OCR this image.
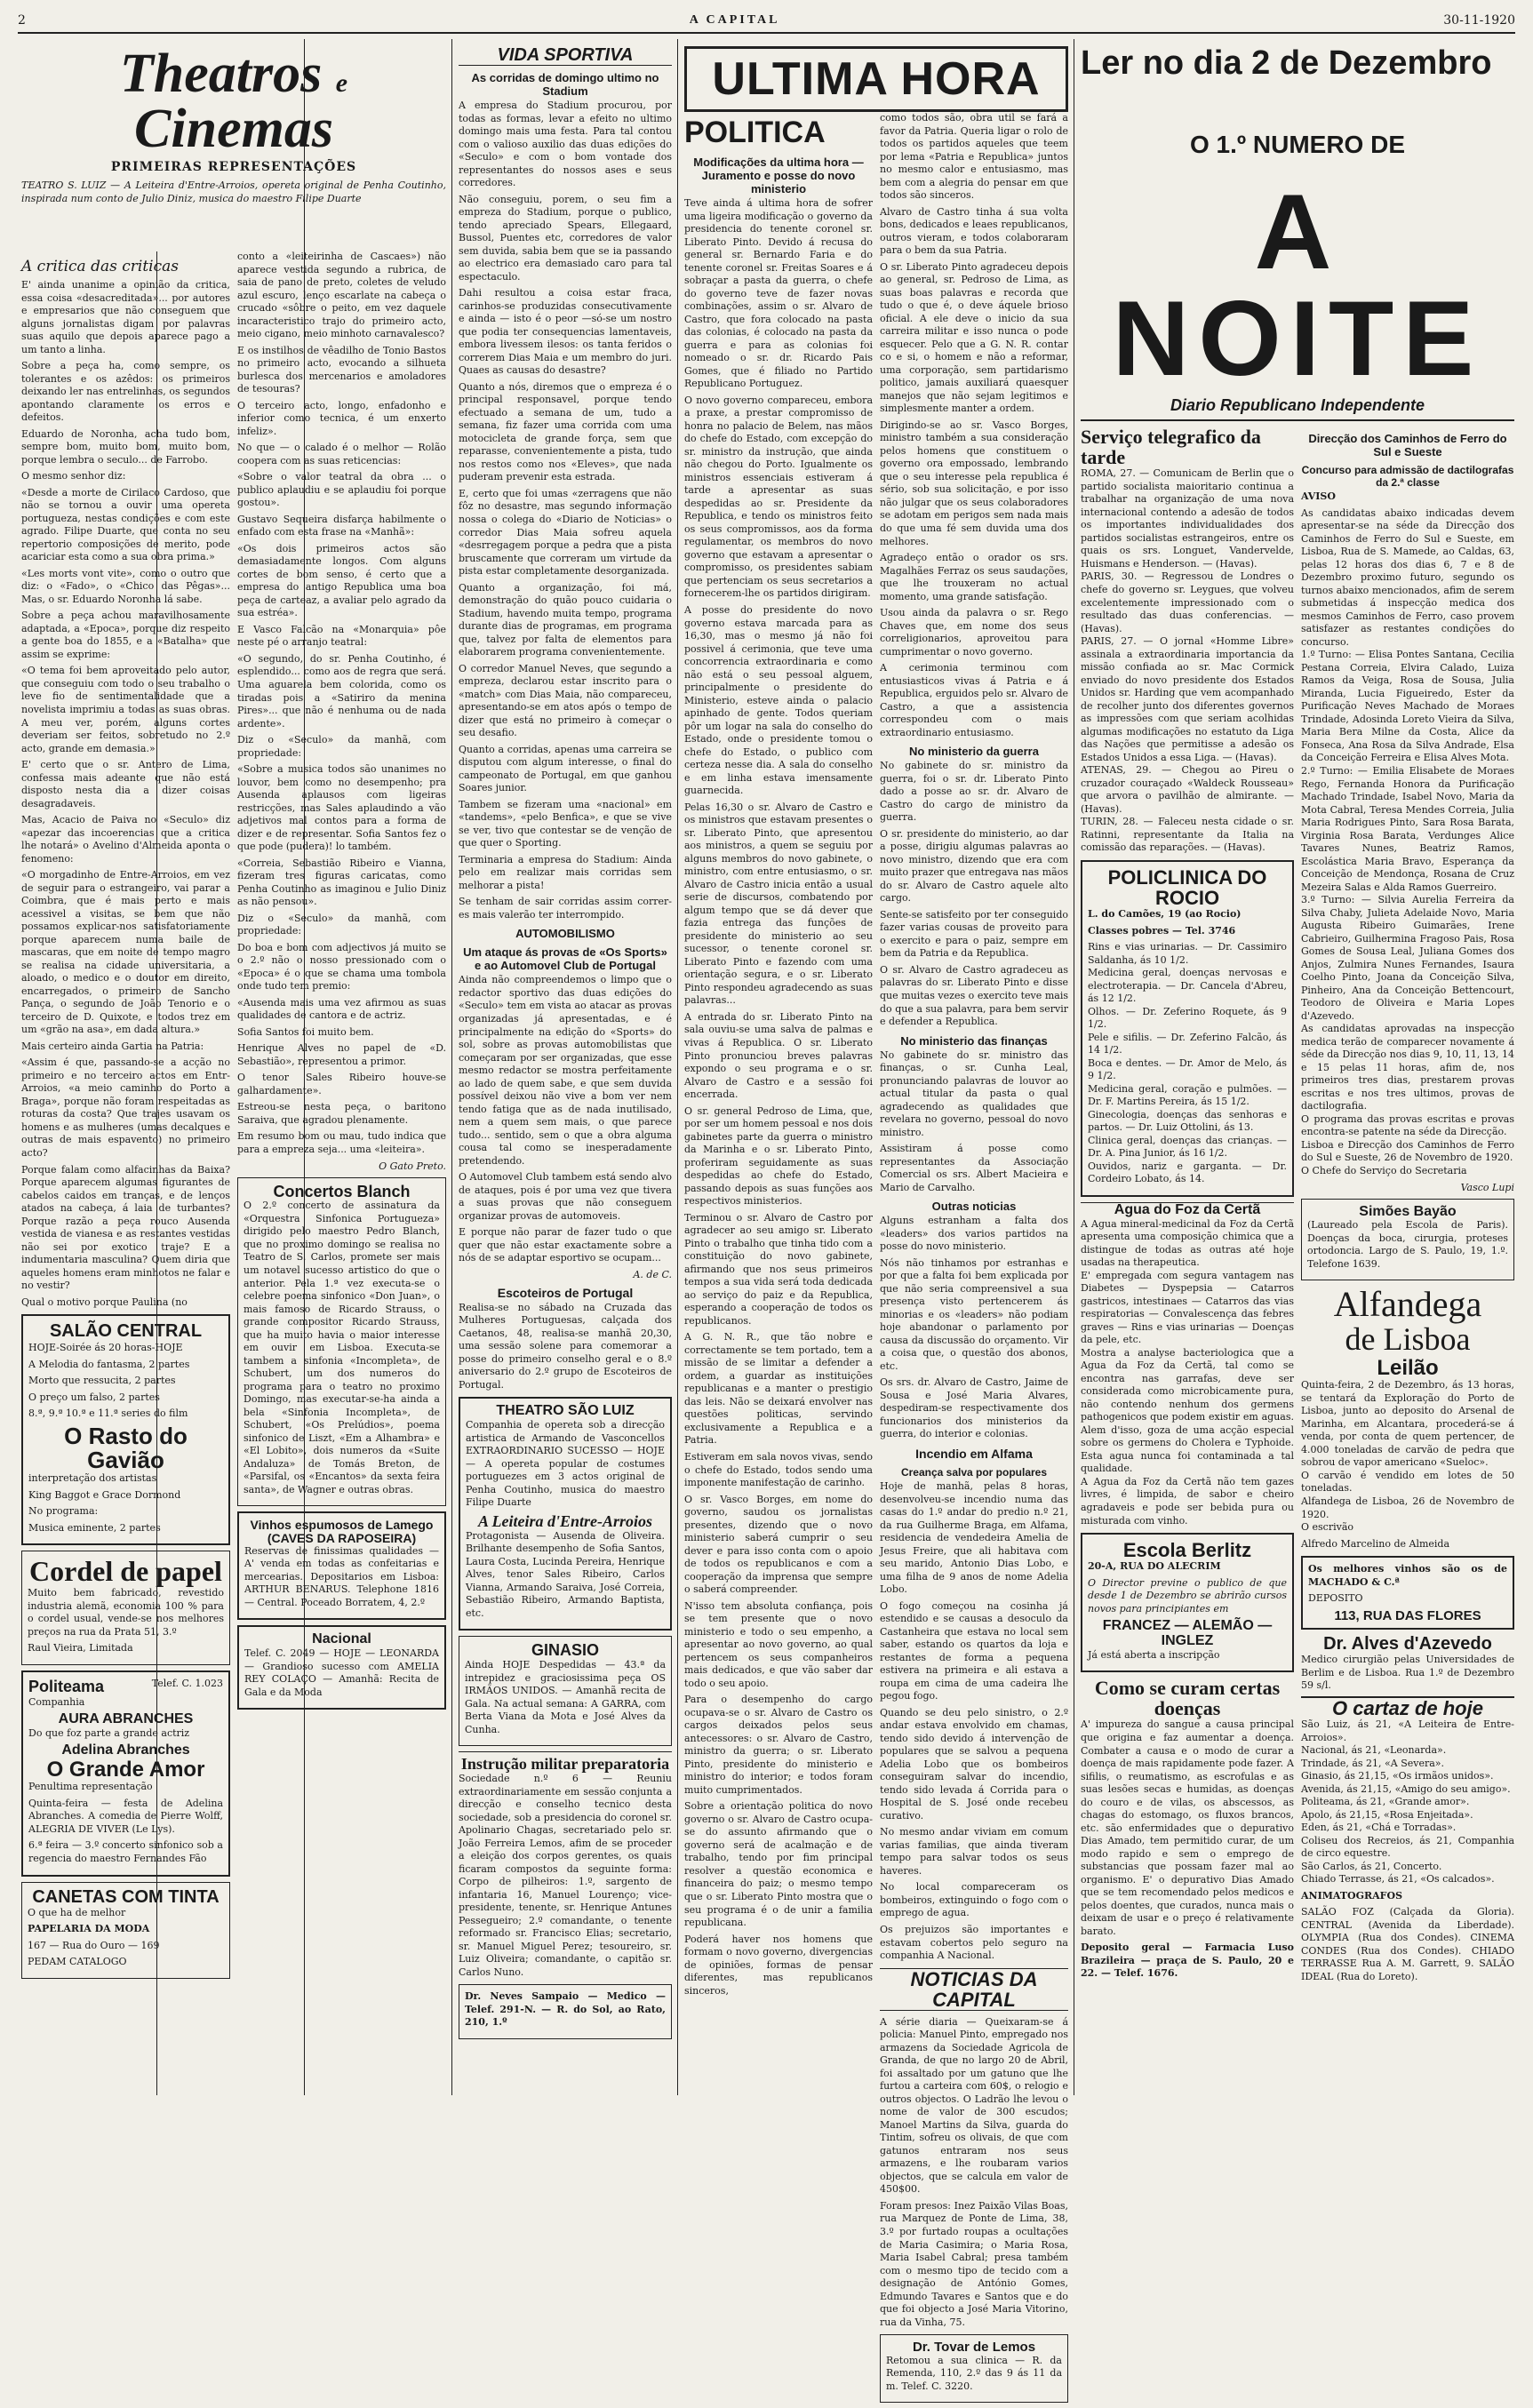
2	A CAPITAL	30-11-1920
Theatros e Cinemas
PRIMEIRAS REPRESENTAÇÕES
TEATRO S. LUIZ — A Leiteira d'Entre-Arroios, opereta original de Penha Coutinho, inspirada num conto de Julio Diniz, musica do maestro Filipe Duarte
A critica das criticas

E' ainda unanime a opinião da critica, essa coisa «desacreditada»... por autores e empresarios que não conseguem que alguns jornalistas digam por palavras suas aquilo que depois aparece pago a um tanto a linha.

Sobre a peça ha, como sempre, os tolerantes e os azêdos: os primeiros deixando ler nas entrelinhas, os segundos apontando claramente os erros e defeitos.

Eduardo de Noronha, acha tudo bom, sempre bom, muito bom, muito bom, porque lembra o seculo... de Farrobo.

O mesmo senhor diz:

«Desde a morte de Cirilaco Cardoso, que não se tornou a ouvir uma opereta portugueza, nestas condições e com este agrado. Filipe Duarte, que conta no seu repertorio composições de merito, pode acariciar esta como a sua obra prima.»

«Les morts vont vite», como o outro que diz: o «Fado», o «Chico das Pêgas»... Mas, o sr. Eduardo Noronha lá sabe.

Sobre a peça achou maravilhosamente adaptada, a «Epoca», porque diz respeito a gente boa do 1855, e a «Batalha» que assim se exprime:

«O tema foi bem aproveitado pelo autor, que conseguiu com todo o seu trabalho o leve fio de sentimentalidade que a novelista imprimiu a todas as suas obras. A meu ver, porém, alguns cortes deveriam ser feitos, sobretudo no 2.º acto, grande em demasia.»

E' certo que o sr. Antero de Lima, confessa mais adeante que não está disposto nesta dia a dizer coisas desagradaveis.

Mas, Acacio de Paiva no «Seculo» diz «apezar das incoerencias que a critica lhe notará» o Avelino d'Almeida aponta o fenomeno:

«O morgadinho de Entre-Arroios, em vez de seguir para o estrangeiro, vai parar a Coimbra, que é mais perto e mais acessivel a visitas, se bem que não possamos explicar-nos satisfatoriamente porque aparecem numa baile de mascaras, que em noite de tempo magro se realisa na cidade universitaria, a aloado, o medico e o doutor em direito, encarregados, o primeiro de Sancho Pança, o segundo de João Tenorio e o terceiro de D. Quixote, e todos trez em um «grão na asa», em dada altura.»

Mais certeiro ainda Gartia na Patria:

«Assim é que, passando-se a acção no primeiro e no terceiro actos em Entr-Arroios, «a meio caminho do Porto a Braga», porque não foram respeitadas as roturas da costa? Que trajes usavam os homens e as mulheres (umas decalques e outras de mais espavento) no primeiro acto?

Porque falam como alfacinhas da Baixa? Porque aparecem algumas figurantes de cabelos caidos em tranças, e de lenços atados na cabeça, á laia de turbantes? Porque razão a peça rouco Ausenda vestida de vianesa e as restantes vestidas não sei por exotico traje? E a indumentaria masculina? Quem diria que aqueles homens eram minhotos ne falar e no vestir?

Qual o motivo porque Paulina (no

SALÃO CENTRAL
HOJE-Soirée ás 20 horas-HOJE
A Melodia do fantasma, 2 partes
Morto que ressucita, 2 partes
O preço um falso, 2 partes
8.ª, 9.ª 10.ª e 11.ª series do film
O Rasto do Gavião
interpretação dos artistas
King Baggot e Grace Dormond
No programa:
Musica eminente, 2 partes
Cordel de papel

Muito bem fabricado, revestido industria alemã, economia 100 % para o cordel usual, vende-se nos melhores preços na rua da Prata 51, 3.º

Raul Vieira, Limitada
Politeama	Telef. C. 1.023
Companhia
AURA ABRANCHES
Do que foz parte a grande actriz
Adelina Abranches
O Grande Amor
Penultima representação
Quinta-feira — festa de Adelina Abranches. A comedia de Pierre Wolff, ALEGRIA DE VIVER (Le Lys).
6.ª feira — 3.º concerto sinfonico sob a regencia do maestro Fernandes Fão
CANETAS COM TINTA
O que ha de melhor
PAPELARIA DA MODA
167 — Rua do Ouro — 169
PEDAM CATALOGO

conto a «leiteirinha de Cascaes») não aparece vestida segundo a rubrica, de saia de pano de preto, coletes de veludo azul escuro, lenço escarlate na cabeça o crucado «sôbre o peito, em vez daquele incaracteristico trajo do primeiro acto, meio cigano, meio minhoto carnavalesco?

E os instilhos de vêadilho de Tonio Bastos no primeiro acto, evocando a silhueta burlesca dos mercenarios e amoladores de tesouras?

O terceiro acto, longo, enfadonho e inferior como tecnica, é um enxerto infeliz».

No que — o calado é o melhor — Rolão coopera com as suas reticencias:

«Sobre o valor teatral da obra ... o publico aplaudiu e se aplaudiu foi porque gostou».

Gustavo Sequeira disfarça habilmente o enfado com esta frase na «Manhã»:

«Os dois primeiros actos são demasiadamente longos. Com alguns cortes de bom senso, é certo que a empresa do antigo Republica uma boa peça de carteaz, a avaliar pelo agrado da sua estréa».

E Vasco Falcão na «Monarquia» pôe neste pé o arranjo teatral:

«O segundo, do sr. Penha Coutinho, é esplendido... como aos de regra que será. Uma aguarela bem colorida, como os tiradas pois a «Satiriro da menina Pires»... que não é nenhuma ou de nada ardente».

Diz o «Seculo» da manhã, com propriedade:

«Sobre a musica todos são unanimes no louvor, bem como no desempenho; pra Ausenda aplausos com ligeiras restricções, mas Sales aplaudindo a vão adjetivos mal contos para a forma de dizer e de representar. Sofia Santos fez o que pode (pudera)! lo também.

«Correia, Sebastião Ribeiro e Vianna, fizeram tres figuras caricatas, como Penha Coutinho as imaginou e Julio Diniz as não pensou».

Diz o «Seculo» da manhã, com propriedade:

Do boa e bom com adjectivos já muito se o 2.º não o nosso pressionado com o «Epoca» é o que se chama uma tombola onde tudo tem premio:

«Ausenda mais uma vez afirmou as suas qualidades de cantora e de actriz.

Sofia Santos foi muito bem.

Henrique Alves no papel de «D. Sebastião», representou a primor.

O tenor Sales Ribeiro houve-se galhardamente».

Estreou-se nesta peça, o baritono Saraiva, que agradou plenamente.

Em resumo bom ou mau, tudo indica que para a empreza seja... uma «leiteira».

O Gato Preto.
Concertos Blanch

O 2.º concerto de assinatura da «Orquestra Sinfonica Portugueza» dirigido pelo maestro Pedro Blanch, que no proximo domingo se realisa no Teatro de S. Carlos, promete ser mais um notavel sucesso artistico do que o anterior. Pela 1.ª vez executa-se o celebre poema sinfonico «Don Juan», o mais famoso de Ricardo Strauss, o grande compositor Ricardo Strauss, que ha muito havia o maior interesse em ouvir em Lisboa. Executa-se tambem a sinfonia «Incompleta», de Schubert, um dos numeros do programa para o teatro no proximo Domingo, mas executar-se-ha ainda a bela «Sinfonia Incompleta», de Schubert, «Os Prelúdios», poema sinfonico de Liszt, «Em a Alhambra» e «El Lobito», dois numeros da «Suite Andaluza» de Tomás Breton, de «Parsifal, os «Encantos» da sexta feira santa», de Wagner e outras obras.

Vinhos espumosos de Lamego (CAVES DA RAPOSEIRA)

Reservas de finissimas qualidades — A' venda em todas as confeitarias e mercearias. Depositarios em Lisboa: ARTHUR BENARUS. Telephone 1816 — Central. Poceado Borratem, 4, 2.º

Nacional

Telef. C. 2049 — HOJE — LEONARDA — Grandioso sucesso com AMELIA REY COLAÇO — Amanhã: Recita de Gala e da Moda

VIDA SPORTIVA
As corridas de domingo ultimo no Stadium

A empresa do Stadium procurou, por todas as formas, levar a efeito no ultimo domingo mais uma festa. Para tal contou com o valioso auxilio das duas edições do «Seculo» e com o bom vontade dos representantes do nossos ases e seus corredores.

Não conseguiu, porem, o seu fim a empreza do Stadium, porque o publico, tendo apreciado Spears, Ellegaard, Bussol, Puentes etc, corredores de valor sem duvida, sabia bem que se ia passando ao electrico era demasiado caro para tal espectaculo.

Dahi resultou a coisa estar fraca, carinhos-se produzidas consecutivamente e ainda — isto é o peor —só-se um nostro que podia ter consequencias lamentaveis, embora livessem ilesos: os tanta feridos o correrem Dias Maia e um membro do juri. Quaes as causas do desastre?

Quanto a nós, diremos que o empreza é o principal responsavel, porque tendo efectuado a semana de um, tudo a semana, fiz fazer uma corrida com uma motocicleta de grande força, sem que reparasse, convenientemente a pista, tudo nos restos como nos «Eleves», que nada puderam prevenir esta estrada.

E, certo que foi umas «zerragens que não fôz no desastre, mas segundo informação nossa o colega do «Diario de Noticias» o corredor Dias Maia sofreu aquela «desrregagem porque a pedra que a pista bruscamente que correram um virtude da pista estar completamente desorganizada.

Quanto a organização, foi má, demonstração do quão pouco cuidaria o Stadium, havendo muita tempo, programa durante dias de programas, em programa que, talvez por falta de elementos para elaborarem programa convenientemente.

O corredor Manuel Neves, que segundo a empreza, declarou estar inscrito para o «match» com Dias Maia, não compareceu, apresentando-se em atos após o tempo de dizer que está no primeiro à começar o seu desafio.

Quanto a corridas, apenas uma carreira se disputou com algum interesse, o final do campeonato de Portugal, em que ganhou Soares junior.

Tambem se fizeram uma «nacional» em «tandems», «pelo Benfica», e que se vive se ver, tivo que contestar se de venção de que quer o Sporting.

Terminaria a empresa do Stadium: Ainda pelo em realizar mais corridas sem melhorar a pista!

Se tenham de sair corridas assim correr-es mais valerão ter interrompido.

AUTOMOBILISMO
Um ataque ás provas de «Os Sports» e ao Automovel Club de Portugal

Ainda não compreendemos o limpo que o redactor sportivo das duas edições do «Seculo» tem em vista ao atacar as provas organizadas já apresentadas, e é principalmente na edição do «Sports» do sol, sobre as provas automobilistas que começaram por ser organizadas, que esse mesmo redactor se mostra perfeitamente ao lado de quem sabe, e que sem duvida possível deixou não vive a bom ver nem tendo fatiga que as de nada inutilisado, nem a quem sem mais, o que parece tudo... sentido, sem o que a obra alguma cousa tal como se inesperadamente pretendendo.

O Automovel Club tambem está sendo alvo de ataques, pois é por uma vez que tivera a suas provas que não conseguem organizar provas de automoveis.

E porque não parar de fazer tudo o que quer que não estar exactamente sobre a nós de se adaptar esportivo se ocupam...

A. de C.
Escoteiros de Portugal

Realisa-se no sábado na Cruzada das Mulheres Portuguesas, calçada dos Caetanos, 48, realisa-se manhã 20,30, uma sessão solene para comemorar a posse do primeiro conselho geral e o 8.º aniversario do 2.º grupo de Escoteiros de Portugal.

THEATRO SÃO LUIZ

Companhia de opereta sob a direcção artistica de Armando de Vasconcellos EXTRAORDINARIO SUCESSO — HOJE — A opereta popular de costumes portuguezes em 3 actos original de Penha Coutinho, musica do maestro Filipe Duarte

A Leiteira d'Entre-Arroios

Protagonista — Ausenda de Oliveira. Brilhante desempenho de Sofia Santos, Laura Costa, Lucinda Pereira, Henrique Alves, tenor Sales Ribeiro, Carlos Vianna, Armando Saraiva, José Correia, Sebastião Ribeiro, Armando Baptista, etc.

GINASIO

Ainda HOJE Despedidas — 43.ª da intrepidez e graciosissima peça OS IRMÃOS UNIDOS. — Amanhã recita de Gala. Na actual semana: A GARRA, com Berta Viana da Mota e José Alves da Cunha.

Instrução militar preparatoria

Sociedade n.º 6 — Reuniu extraordinariamente em sessão conjunta a direcção e conselho tecnico desta sociedade, sob a presidencia do coronel sr. Apolinario Chagas, secretariado pelo sr. João Ferreira Lemos, afim de se proceder a eleição dos corpos gerentes, os quais ficaram compostos da seguinte forma: Corpo de pilheiros: 1.º, sargento de infantaria 16, Manuel Lourenço; vice-presidente, tenente, sr. Henrique Antunes Pessegueiro; 2.º comandante, o tenente reformado sr. Francisco Elias; secretario, sr. Manuel Miguel Perez; tesoureiro, sr. Luiz Oliveira; comandante, o capitão sr. Carlos Nuno.

Dr. Neves Sampaio — Medico — Telef. 291-N. — R. do Sol, ao Rato, 210, 1.º
ULTIMA HORA
POLITICA
Modificações da ultima hora — Juramento e posse do novo ministerio

Teve ainda á ultima hora de sofrer uma ligeira modificação o governo da presidencia do tenente coronel sr. Liberato Pinto. Devido á recusa do general sr. Bernardo Faria e do tenente coronel sr. Freitas Soares e á sobraçar a pasta da guerra, o chefe do governo teve de fazer novas combinações, assim o sr. Alvaro de Castro, que fora colocado na pasta das colonias, é colocado na pasta da guerra e para as colonias foi nomeado o sr. dr. Ricardo Pais Gomes, que é filiado no Partido Republicano Portuguez.

O novo governo compareceu, embora a praxe, a prestar compromisso de honra no palacio de Belem, nas mãos do chefe do Estado, com excepção do sr. ministro da instrução, que ainda não chegou do Porto. Igualmente os ministros essenciais estiveram á tarde a apresentar as suas despedidas ao sr. Presidente da Republica, e tendo os ministros feito os seus compromissos, aos da forma regulamentar, os membros do novo governo que estavam a apresentar o compromisso, os presidentes sabiam que pertenciam os seus secretarios a fornecerem-lhe os partidos dirigiram.

A posse do presidente do novo governo estava marcada para as 16,30, mas o mesmo já não foi possivel á cerimonia, que teve uma concorrencia extraordinaria e como não está o seu pessoal alguem, principalmente o presidente do Ministerio, esteve ainda o palacio apinhado de gente. Todos queriam pôr um logar na sala do conselho do Estado, onde o presidente tomou o chefe do Estado, o publico com certeza nesse dia. A sala do conselho e em linha estava imensamente guarnecida.

Pelas 16,30 o sr. Alvaro de Castro e os ministros que estavam presentes o sr. Liberato Pinto, que apresentou aos ministros, a quem se seguiu por alguns membros do novo gabinete, o ministro, com entre entusiasmo, o sr. Alvaro de Castro inicia então a usual serie de discursos, combatendo por algum tempo que se dá dever que fazia entrega das funções de presidente do ministerio ao seu sucessor, o tenente coronel sr. Liberato Pinto e fazendo com uma orientação segura, e o sr. Liberato Pinto respondeu agradecendo as suas palavras...

A entrada do sr. Liberato Pinto na sala ouviu-se uma salva de palmas e vivas á Republica. O sr. Liberato Pinto pronunciou breves palavras expondo o seu programa e o sr. Alvaro de Castro e a sessão foi encerrada.

O sr. general Pedroso de Lima, que, por ser um homem pessoal e nos dois gabinetes parte da guerra o ministro da Marinha e o sr. Liberato Pinto, proferiram seguidamente as suas despedidas ao chefe do Estado, passando depois as suas funções aos respectivos ministerios.

Terminou o sr. Alvaro de Castro por agradecer ao seu amigo sr. Liberato Pinto o trabalho que tinha tido com a constituição do novo gabinete, afirmando que nos seus primeiros tempos a sua vida será toda dedicada ao serviço do paiz e da Republica, esperando a cooperação de todos os republicanos.

A G. N. R., que tão nobre e correctamente se tem portado, tem a missão de se limitar a defender a ordem, a guardar as instituições republicanas e a manter o prestigio das leis. Não se deixará envolver nas questões politicas, servindo exclusivamente a Republica e a Patria.

Estiveram em sala novos vivas, sendo o chefe do Estado, todos sendo uma imponente manifestação de carinho.

O sr. Vasco Borges, em nome do governo, saudou os jornalistas presentes, dizendo que o novo ministerio saberá cumprir o seu dever e para isso conta com o apoio de todos os republicanos e com a cooperação da imprensa que sempre o saberá compreender.

N'isso tem absoluta confiança, pois se tem presente que o novo ministerio e todo o seu empenho, a apresentar ao novo governo, ao qual pertencem os seus companheiros mais dedicados, e que vão saber dar todo o seu apoio.

Para o desempenho do cargo ocupava-se o sr. Alvaro de Castro os cargos deixados pelos seus antecessores: o sr. Alvaro de Castro, ministro da guerra; o sr. Liberato Pinto, presidente do ministerio e ministro do interior; e todos foram muito cumprimentados.

Sobre a orientação politica do novo governo o sr. Alvaro de Castro ocupa-se do assunto afirmando que o governo será de acalmação e de trabalho, tendo por fim principal resolver a questão economica e financeira do paiz; o mesmo tempo que o sr. Liberato Pinto mostra que o seu programa é o de unir a familia republicana.

Poderá haver nos homens que formam o novo governo, divergencias de opiniões, formas de pensar diferentes, mas republicanos sinceros,

como todos são, obra util se fará a favor da Patria. Queria ligar o rolo de todos os partidos aqueles que teem por lema «Patria e Republica» juntos no mesmo calor e entusiasmo, mas bem com a alegria do pensar em que todos são sinceros.

Alvaro de Castro tinha á sua volta bons, dedicados e leaes republicanos, outros vieram, e todos colaboraram para o bem da sua Patria.

O sr. Liberato Pinto agradeceu depois ao general, sr. Pedroso de Lima, as suas boas palavras e recorda que tudo o que é, o deve áquele brioso oficial. A ele deve o inicio da sua carreira militar e isso nunca o pode esquecer. Pelo que a G. N. R. contar co e si, o homem e não a reformar, uma corporação, sem partidarismo politico, jamais auxiliará quaesquer manejos que não sejam legitimos e simplesmente manter a ordem.

Dirigindo-se ao sr. Vasco Borges, ministro também a sua consideração pelos homens que constituem o governo ora empossado, lembrando que o seu interesse pela republica é sério, sob sua solicitação, e por isso não julgar que os seus colaboradores se adotam em perigos sem nada mais do que uma fé sem duvida uma dos melhores.

Agradeço então o orador os srs. Magalhães Ferraz os seus saudações, que lhe trouxeram no actual momento, uma grande satisfação.

Usou ainda da palavra o sr. Rego Chaves que, em nome dos seus correligionarios, aproveitou para cumprimentar o novo governo.

A cerimonia terminou com entusiasticos vivas á Patria e á Republica, erguidos pelo sr. Alvaro de Castro, a que a assistencia correspondeu com o mais extraordinario entusiasmo.

No ministerio da guerra

No gabinete do sr. ministro da guerra, foi o sr. dr. Liberato Pinto dado a posse ao sr. dr. Alvaro de Castro do cargo de ministro da guerra.

O sr. presidente do ministerio, ao dar a posse, dirigiu algumas palavras ao novo ministro, dizendo que era com muito prazer que entregava nas mãos do sr. Alvaro de Castro aquele alto cargo.

Sente-se satisfeito por ter conseguido fazer varias cousas de proveito para o exercito e para o paiz, sempre em bem da Patria e da Republica.

O sr. Alvaro de Castro agradeceu as palavras do sr. Liberato Pinto e disse que muitas vezes o exercito teve mais do que a sua palavra, para bem servir e defender a Republica.

No ministerio das finanças

No gabinete do sr. ministro das finanças, o sr. Cunha Leal, pronunciando palavras de louvor ao actual titular da pasta o qual agradecendo as qualidades que revelara no governo, pessoal do novo ministro.

Assistiram á posse como representantes da Associação Comercial os srs. Albert Macieira e Mario de Carvalho.

Outras noticias

Alguns estranham a falta dos «leaders» dos varios partidos na posse do novo ministerio.

Nós não tinhamos por estranhas e por que a falta foi bem explicada por que não seria compreensivel a sua presença visto pertencerem ás minorias e os «leaders» não podiam hoje abandonar o parlamento por causa da discussão do orçamento. Vir a coisa que, o questão dos abonos, etc.

Os srs. dr. Alvaro de Castro, Jaime de Sousa e José Maria Alvares, despediram-se respectivamente dos funcionarios dos ministerios da guerra, do interior e colonias.

Incendio em Alfama
Creança salva por populares

Hoje de manhã, pelas 8 horas, desenvolveu-se incendio numa das casas do 1.º andar do predio n.º 21, da rua Guilherme Braga, em Alfama, residencia de vendedeira Amelia de Jesus Freire, que ali habitava com seu marido, Antonio Dias Lobo, e uma filha de 9 anos de nome Adelia Lobo.

O fogo começou na cosinha já estendido e se causas a desoculo da Castanheira que estava no local sem saber, estando os quartos da loja e restantes de forma a pequena estivera na primeira e ali estava a roupa em cima de uma cadeira lhe pegou fogo.

Quando se deu pelo sinistro, o 2.º andar estava envolvido em chamas, tendo sido devido á intervenção de populares que se salvou a pequena Adelia Lobo que os bombeiros conseguiram salvar do incendio, tendo sido levada á Corrida para o Hospital de S. José onde recebeu curativo.

No mesmo andar viviam em comum varias familias, que ainda tiveram tempo para salvar todos os seus haveres.

No local compareceram os bombeiros, extinguindo o fogo com o emprego de agua.

Os prejuizos são importantes e estavam cobertos pelo seguro na companhia A Nacional.

NOTICIAS DA CAPITAL

A série diaria — Queixaram-se á policia: Manuel Pinto, empregado nos armazens da Sociedade Agricola de Granda, de que no largo 20 de Abril, foi assaltado por um gatuno que lhe furtou a carteira com 60$, o relogio e outros objectos. O Ladrão lhe levou o nome de valor de 300 escudos; Manoel Martins da Silva, guarda do Tintim, sofreu os olivais, de que com gatunos entraram nos seus armazens, e lhe roubaram varios objectos, que se calcula em valor de 450$00.

Foram presos: Inez Paixão Vilas Boas, rua Marquez de Ponte de Lima, 38, 3.º por furtado roupas a ocultações de Maria Casimira; o Maria Rosa, Maria Isabel Cabral; presa também com o mesmo tipo de tecido com a designação de António Gomes, Edmundo Tavares e Santos que e do que foi objecto a José Maria Vitorino, rua da Vinha, 75.

Dr. Tovar de Lemos

Retomou a sua clinica — R. da Remenda, 110, 2.º das 9 ás 11 da m. Telef. C. 3220.

Ler no dia 2 de Dezembro
O 1.º NUMERO DE
A NOITE
Diario Republicano Independente
Serviço telegrafico da tarde

ROMA, 27. — Comunicam de Berlin que o partido socialista maioritario continua a trabalhar na organização de uma nova internacional contendo a adesão de todos os importantes individualidades dos partidos socialistas estrangeiros, entre os quais os srs. Longuet, Vandervelde, Huismans e Henderson. — (Havas).
PARIS, 30. — Regressou de Londres o chefe do governo sr. Leygues, que volveu excelentemente impressionado com o resultado das duas conferencias. — (Havas).
PARIS, 27. — O jornal «Homme Libre» assinala a extraordinaria importancia da missão confiada ao sr. Mac Cormick enviado do novo presidente dos Estados Unidos sr. Harding que vem acompanhado de recolher junto dos diferentes governos as impressões com que seriam acolhidas algumas modificações no estatuto da Liga das Nações que permitisse a adesão os Estados Unidos a essa Liga. — (Havas).
ATENAS, 29. — Chegou ao Pireu o cruzador couraçado «Waldeck Rousseau» que arvora o pavilhão de almirante. — (Havas).
TURIN, 28. — Faleceu nesta cidade o sr. Ratinni, representante da Italia na comissão das reparações. — (Havas).

POLICLINICA DO ROCIO
L. do Camões, 19 (ao Rocio)
Classes pobres — Tel. 3746

Rins e vias urinarias. — Dr. Cassimiro Saldanha, ás 10 1/2.
Medicina geral, doenças nervosas e electroterapia. — Dr. Cancela d'Abreu, ás 12 1/2.
Olhos. — Dr. Zeferino Roquete, ás 9 1/2.
Pele e sifilis. — Dr. Zeferino Falcão, ás 14 1/2.
Boca e dentes. — Dr. Amor de Melo, ás 9 1/2.
Medicina geral, coração e pulmões. — Dr. F. Martins Pereira, ás 15 1/2.
Ginecologia, doenças das senhoras e partos. — Dr. Luiz Ottolini, ás 13.
Clinica geral, doenças das crianças. — Dr. A. Pina Junior, ás 16 1/2.
Ouvidos, nariz e garganta. — Dr. Cordeiro Lobato, ás 14.

Agua do Foz da Certã

A Agua mineral-medicinal da Foz da Certã apresenta uma composição chimica que a distingue de todas as outras até hoje usadas na therapeutica.
E' empregada com segura vantagem nas Diabetes — Dyspepsia — Catarros gastricos, intestinaes — Catarros das vias respiratorias — Convalescença das febres graves — Rins e vias urinarias — Doenças da pele, etc.
Mostra a analyse bacteriologica que a Agua da Foz da Certã, tal como se encontra nas garrafas, deve ser considerada como microbicamente pura, não contendo nenhum dos germens pathogenicos que podem existir em aguas. Alem d'isso, goza de uma acção especial sobre os germens do Cholera e Typhoide. Esta agua nunca foi contaminada a tal qualidade.
A Agua da Foz da Certã não tem gazes livres, é limpida, de sabor e cheiro agradaveis e pode ser bebida pura ou misturada com vinho.

Escola Berlitz
20-A, RUA DO ALECRIM

O Director previne o publico de que desde 1 de Dezembro se abrirão cursos novos para principiantes em

FRANCEZ — ALEMÃO — INGLEZ
Já está aberta a inscripção
Como se curam certas doenças

A' impureza do sangue a causa principal que origina e faz aumentar a doença. Combater a causa e o modo de curar a doença de mais rapidamente pode fazer. A sifilis, o reumatismo, as escrofulas e as suas lesões secas e humidas, as doenças do couro e de vilas, os abscessos, as chagas do estomago, os fluxos brancos, etc. são enfermidades que o depurativo Dias Amado, tem permitido curar, de um modo rapido e sem o emprego de substancias que possam fazer mal ao organismo. E' o depurativo Dias Amado que se tem recomendado pelos medicos e pelos doentes, que curados, nunca mais o deixam de usar e o preço é relativamente barato.

Deposito geral — Farmacia Luso Brazileira — praça de S. Paulo, 20 e 22. — Telef. 1676.

Direcção dos Caminhos de Ferro do Sul e Sueste
Concurso para admissão de dactilografas da 2.ª classe
AVISO

As candidatas abaixo indicadas devem apresentar-se na séde da Direcção dos Caminhos de Ferro do Sul e Sueste, em Lisboa, Rua de S. Mamede, ao Caldas, 63, pelas 12 horas dos dias 6, 7 e 8 de Dezembro proximo futuro, segundo os turnos abaixo mencionados, afim de serem submetidas á inspecção medica dos mesmos Caminhos de Ferro, caso provem satisfazer as restantes condições do concurso.
1.º Turno: — Elisa Pontes Santana, Cecilia Pestana Correia, Elvira Calado, Luiza Ramos da Veiga, Rosa de Sousa, Julia Miranda, Lucia Figueiredo, Ester da Purificação Neves Machado de Moraes Trindade, Adosinda Loreto Vieira da Silva, Maria Bera Milne da Costa, Alice da Fonseca, Ana Rosa da Silva Andrade, Elsa da Conceição Ferreira e Elisa Alves Mota.
2.º Turno: — Emilia Elisabete de Moraes Rego, Fernanda Honora da Purificação Machado Trindade, Isabel Novo, Maria da Mota Cabral, Teresa Mendes Correia, Julia Maria Rodrigues Pinto, Sara Rosa Barata, Virginia Rosa Barata, Verdunges Alice Tavares Nunes, Beatriz Ramos, Escolástica Maria Bravo, Esperança da Conceição de Mendonça, Rosana de Cruz Mezeira Salas e Alda Ramos Guerreiro.
3.º Turno: — Silvia Aurelia Ferreira da Silva Chaby, Julieta Adelaide Novo, Maria Augusta Ribeiro Guimarães, Irene Cabrieiro, Guilhermina Fragoso Pais, Rosa Gomes de Sousa Leal, Juliana Gomes dos Anjos, Zulmira Nunes Fernandes, Isaura Coelho Pinto, Joana da Conceição Silva, Pinheiro, Ana da Conceição Bettencourt, Teodoro de Oliveira e Maria Lopes d'Azevedo.
As candidatas aprovadas na inspecção medica terão de comparecer novamente á séde da Direcção nos dias 9, 10, 11, 13, 14 e 15 pelas 11 horas, afim de, nos primeiros tres dias, prestarem provas escritas e nos tres ultimos, provas de dactilografia.
O programa das provas escritas e provas encontra-se patente na séde da Direcção.
Lisboa e Direcção dos Caminhos de Ferro do Sul e Sueste, 26 de Novembro de 1920.
O Chefe do Serviço do Secretaria

Vasco Lupi
Simões Bayão

(Laureado pela Escola de Paris). Doenças da boca, cirurgia, proteses ortodoncia. Largo de S. Paulo, 19, 1.º. Telefone 1639.

Alfandega
de Lisboa
Leilão

Quinta-feira, 2 de Dezembro, ás 13 horas, se tentará da Exploração do Porto de Lisboa, junto ao deposito do Arsenal de Marinha, em Alcantara, procederá-se á venda, por conta de quem pertencer, de 4.000 toneladas de carvão de pedra que sobrou de vapor americano «Sueloc».
O carvão é vendido em lotes de 50 toneladas.
Alfandega de Lisboa, 26 de Novembro de 1920.
O escrivão

Alfredo Marcelino de Almeida
Os melhores vinhos são os de MACHADO & C.ª
DEPOSITO
113, RUA DAS FLORES
Dr. Alves d'Azevedo

Medico cirurgião pelas Universidades de Berlim e de Lisboa. Rua 1.º de Dezembro 59 s/l.

O cartaz de hoje

São Luiz, ás 21, «A Leiteira de Entre-Arroios».
Nacional, ás 21, «Leonarda».
Trindade, ás 21, «A Severa».
Ginasio, ás 21,15, «Os irmãos unidos».
Avenida, ás 21,15, «Amigo do seu amigo».
Politeama, ás 21, «Grande amor».
Apolo, ás 21,15, «Rosa Enjeitada».
Eden, ás 21, «Chá e Torradas».
Coliseu dos Recreios, ás 21, Companhia de circo equestre.
São Carlos, ás 21, Concerto.
Chiado Terrasse, ás 21, «Os calcados».

ANIMATOGRAFOS

SALÃO FOZ (Calçada da Gloria). CENTRAL (Avenida da Liberdade). OLYMPIA (Rua dos Condes). CINEMA CONDES (Rua dos Condes). CHIADO TERRASSE Rua A. M. Garrett, 9. SALÃO IDEAL (Rua do Loreto).
